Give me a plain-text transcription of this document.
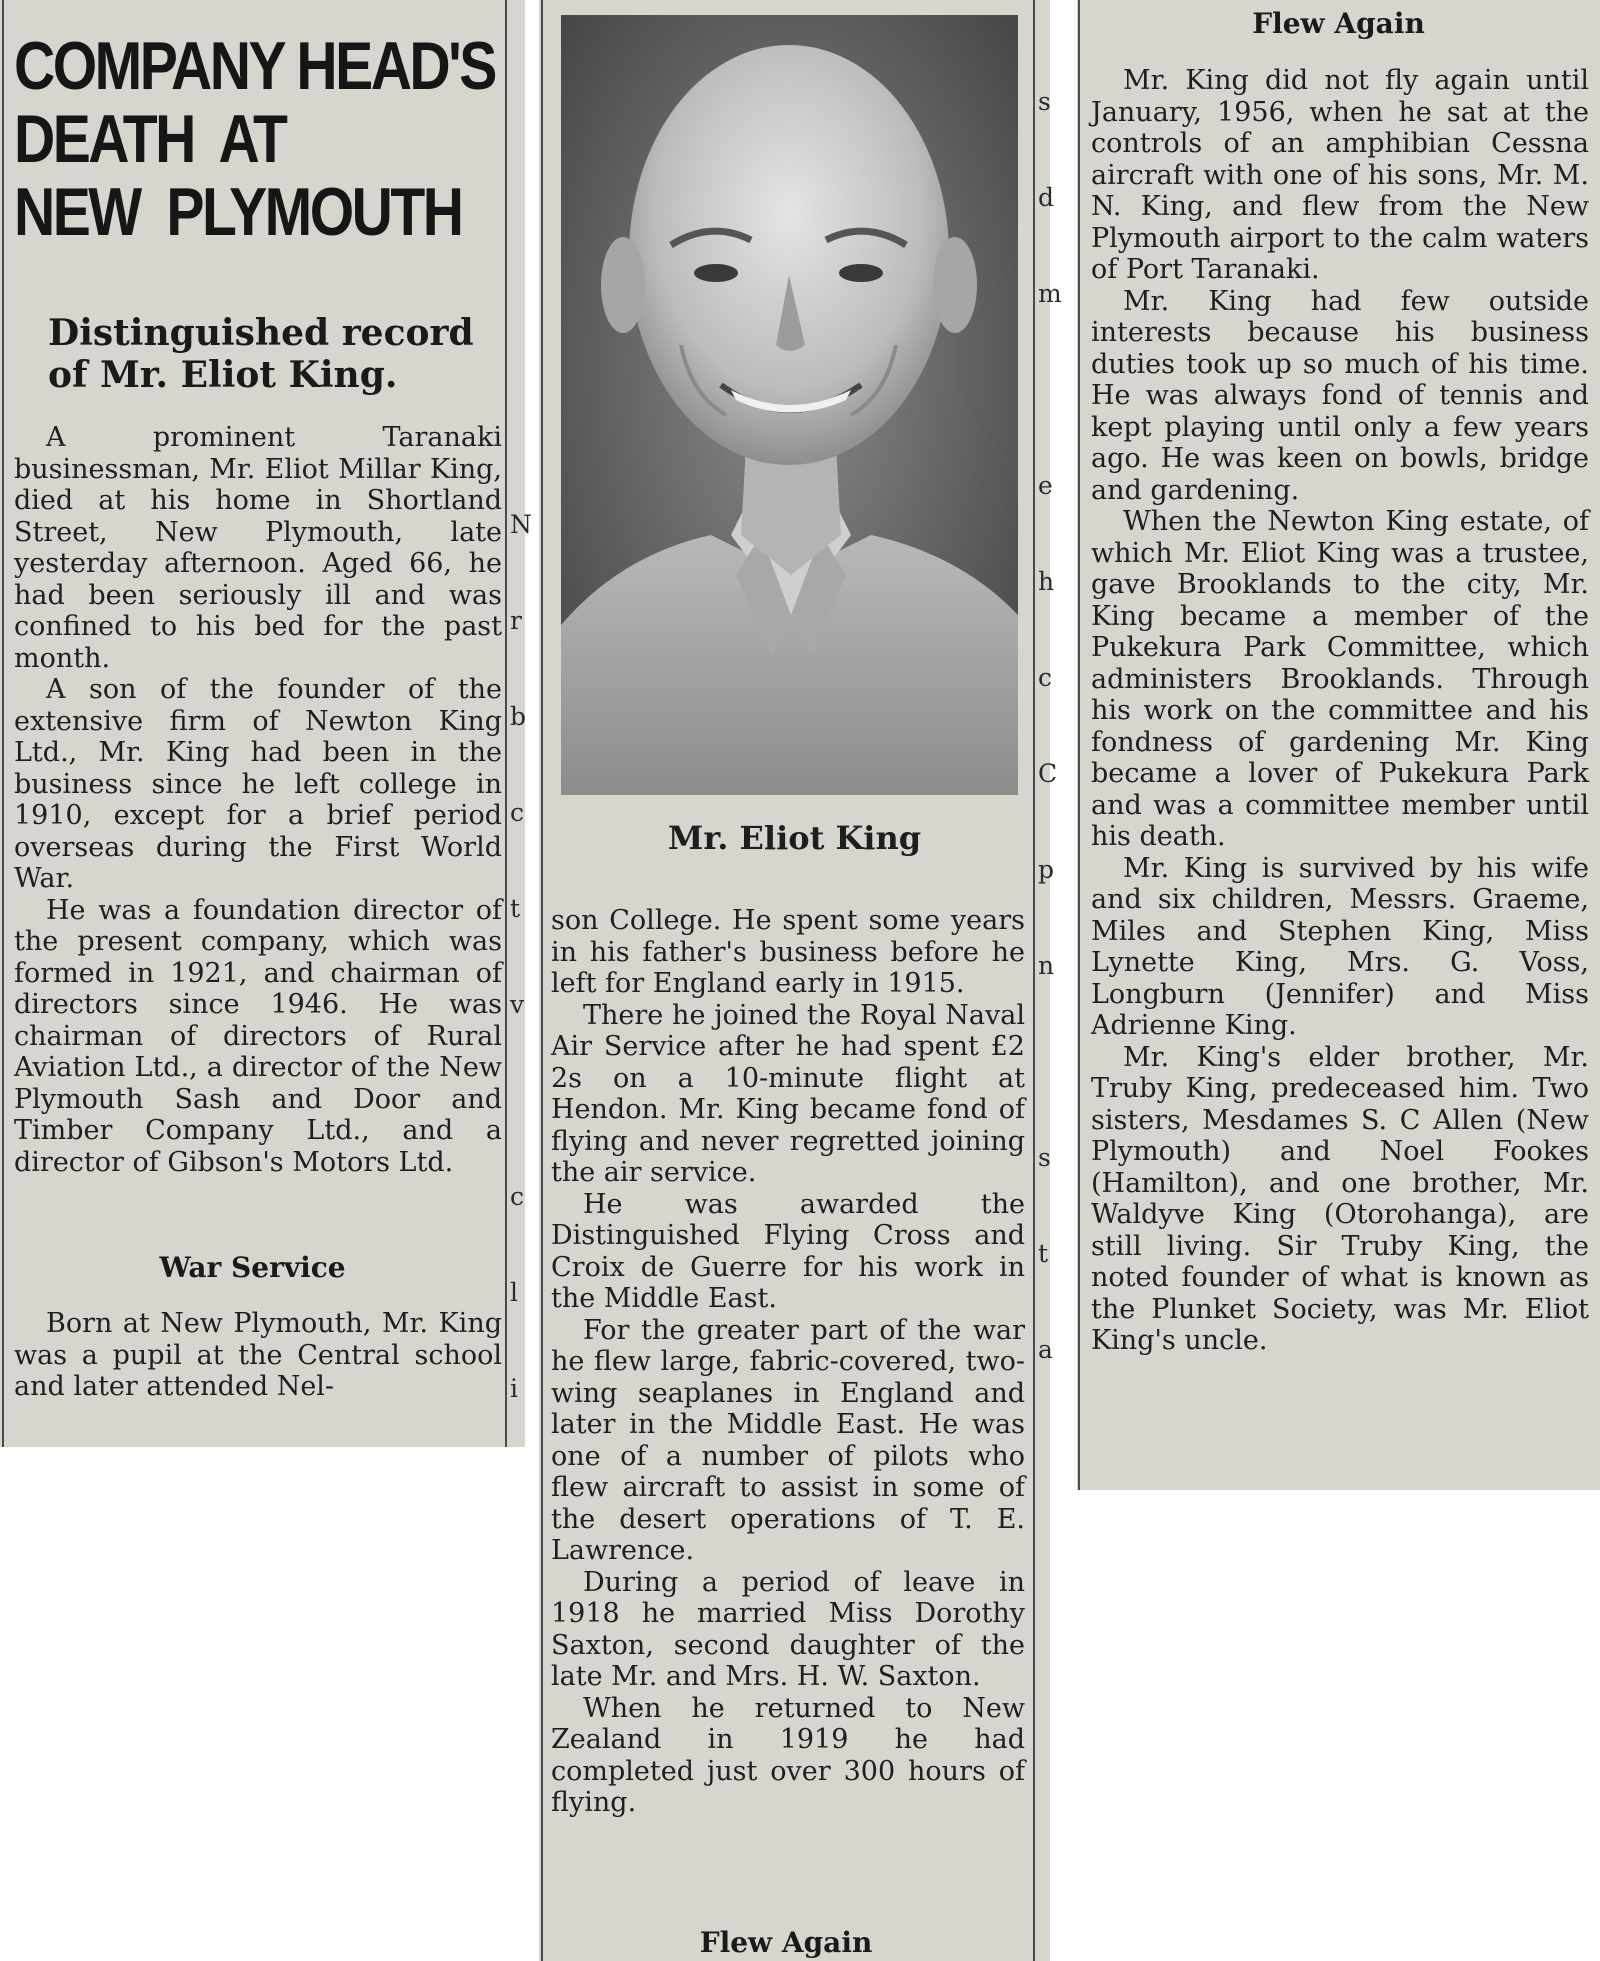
COMPANY HEAD'S
DEATH  AT
NEW  PLYMOUTH
Distinguished record of Mr. Eliot King.

A prominent Taranaki businessman, Mr. Eliot Millar King, died at his home in Shortland Street, New Plymouth, late yesterday afternoon. Aged 66, he had been seriously ill and was confined to his bed for the past month.

A son of the founder of the extensive firm of Newton King Ltd., Mr. King had been in the business since he left college in 1910, except for a brief period overseas during the First World War.

He was a foundation director of the present company, which was formed in 1921, and chairman of directors since 1946. He was chairman of directors of Rural Aviation Ltd., a director of the New Plymouth Sash and Door and Timber Company Ltd., and a director of Gibson's Motors Ltd.

War Service

Born at New Plymouth, Mr. King was a pupil at the Central school and later attended Nel-

N

r

b

c

t

v

c

l

i

Mr. Eliot King

son College. He spent some years in his father's business before he left for England early in 1915.

There he joined the Royal Naval Air Service after he had spent £2 2s on a 10-minute flight at Hendon. Mr. King became fond of flying and never regretted joining the air service.

He was awarded the Distinguished Flying Cross and Croix de Guerre for his work in the Middle East.

For the greater part of the war he flew large, fabric-covered, two-wing seaplanes in England and later in the Middle East. He was one of a number of pilots who flew aircraft to assist in some of the desert operations of T. E. Lawrence.

During a period of leave in 1918 he married Miss Dorothy Saxton, second daughter of the late Mr. and Mrs. H. W. Saxton.

When he returned to New Zealand in 1919 he had completed just over 300 hours of flying.

Flew Again

s

d

m

e

h

c

C

p

n

s

t

a

Flew Again

Mr. King did not fly again until January, 1956, when he sat at the controls of an amphibian Cessna aircraft with one of his sons, Mr. M. N. King, and flew from the New Plymouth airport to the calm waters of Port Taranaki.

Mr. King had few outside interests because his business duties took up so much of his time. He was always fond of tennis and kept playing until only a few years ago. He was keen on bowls, bridge and gardening.

When the Newton King estate, of which Mr. Eliot King was a trustee, gave Brooklands to the city, Mr. King became a member of the Pukekura Park Committee, which administers Brooklands. Through his work on the committee and his fondness of gardening Mr. King became a lover of Pukekura Park and was a committee member until his death.

Mr. King is survived by his wife and six children, Messrs. Graeme, Miles and Stephen King, Miss Lynette King, Mrs. G. Voss, Longburn (Jennifer) and Miss Adrienne King.

Mr. King's elder brother, Mr. Truby King, predeceased him. Two sisters, Mesdames S. C Allen (New Plymouth) and Noel Fookes (Hamilton), and one brother, Mr. Waldyve King (Otorohanga), are still living. Sir Truby King, the noted founder of what is known as the Plunket Society, was Mr. Eliot King's uncle.
